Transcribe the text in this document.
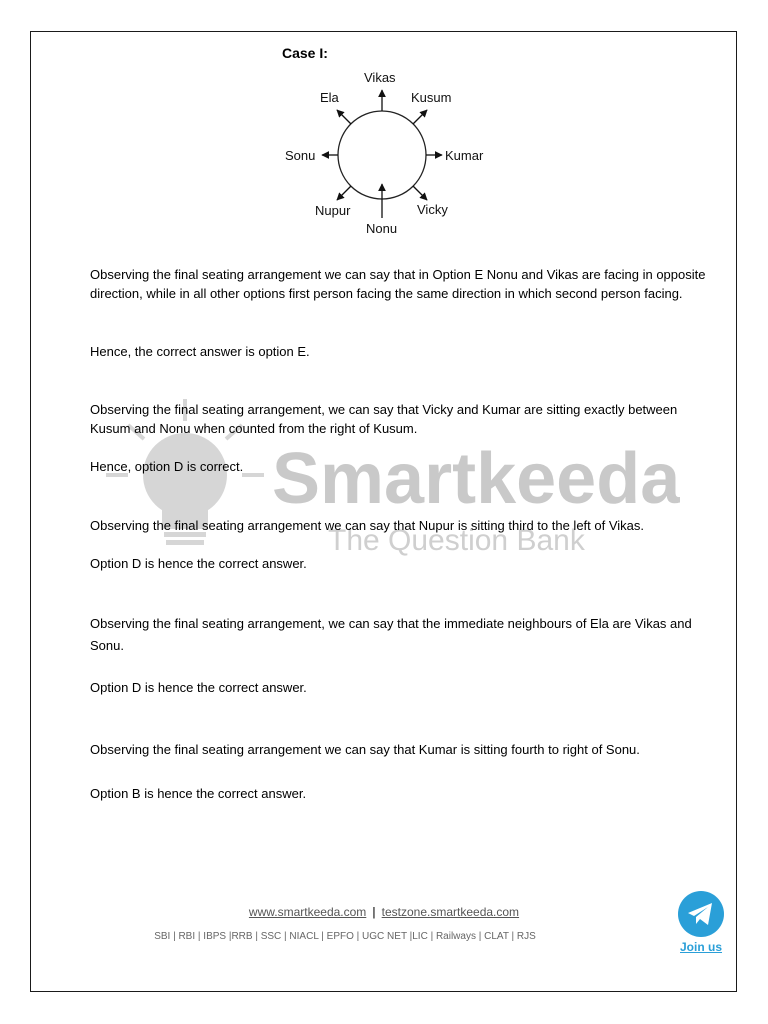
Smartkeeda
The Question Bank
Case I:
Vikas
Kusum
Kumar
Vicky
Nonu
Nupur
Sonu
Ela
Observing the final seating arrangement we can say that in Option E Nonu and Vikas are facing in opposite direction, while in all other options first person facing the same direction in which second person facing.
Hence, the correct answer is option E.
Observing the final seating arrangement, we can say that Vicky and Kumar are sitting exactly between Kusum and Nonu when counted from the right of Kusum.
Hence, option D is correct.
Observing the final seating arrangement we can say that Nupur is sitting third to the left of Vikas.
Option D is hence the correct answer.
Observing the final seating arrangement, we can say that the immediate neighbours of Ela are Vikas and Sonu.
Option D is hence the correct answer.
Observing the final seating arrangement we can say that Kumar is sitting fourth to right of Sonu.
Option B is hence the correct answer.
www.smartkeeda.com | testzone.smartkeeda.com
SBI | RBI | IBPS |RRB | SSC | NIACL | EPFO | UGC NET |LIC | Railways | CLAT | RJS
Join us
